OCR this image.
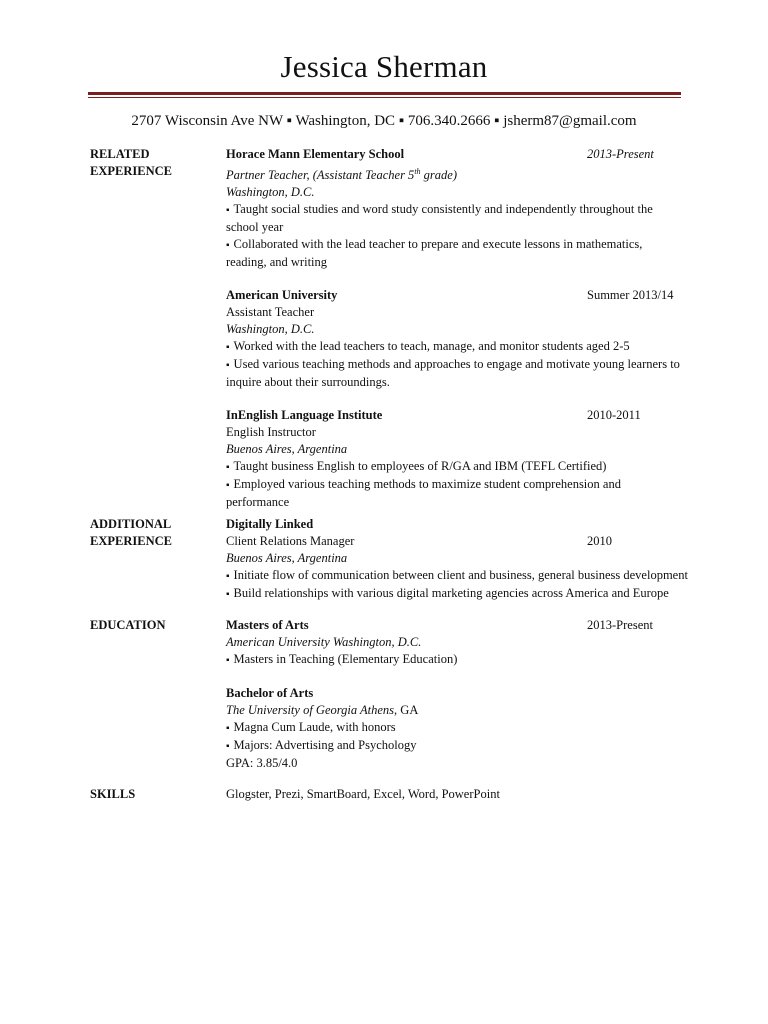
Jessica Sherman
2707 Wisconsin Ave NW ▪ Washington, DC ▪ 706.340.2666 ▪ jsherm87@gmail.com
RELATED
EXPERIENCE
Horace Mann Elementary School	2013-Present
Partner Teacher, (Assistant Teacher 5th grade)
Washington, D.C.
▪ Taught social studies and word study consistently and independently throughout the school year
▪ Collaborated with the lead teacher to prepare and execute lessons in mathematics, reading, and writing
American University	Summer 2013/14
Assistant Teacher
Washington, D.C.
▪ Worked with the lead teachers to teach, manage, and monitor students aged 2-5
▪ Used various teaching methods and approaches to engage and motivate young learners to inquire about their surroundings.
InEnglish Language Institute	2010-2011
English Instructor
Buenos Aires, Argentina
▪ Taught business English to employees of R/GA and IBM (TEFL Certified)
▪ Employed various teaching methods to maximize student comprehension and performance
ADDITIONAL
EXPERIENCE
Digitally Linked
Client Relations Manager	2010
Buenos Aires, Argentina
▪ Initiate flow of communication between client and business, general business development
▪ Build relationships with various digital marketing agencies across America and Europe
EDUCATION	Masters of Arts	2013-Present
American University Washington, D.C.
▪ Masters in Teaching (Elementary Education)
Bachelor of Arts
The University of Georgia Athens, GA
▪ Magna Cum Laude, with honors
▪ Majors: Advertising and Psychology
GPA: 3.85/4.0
SKILLS	Glogster, Prezi, SmartBoard, Excel, Word, PowerPoint
